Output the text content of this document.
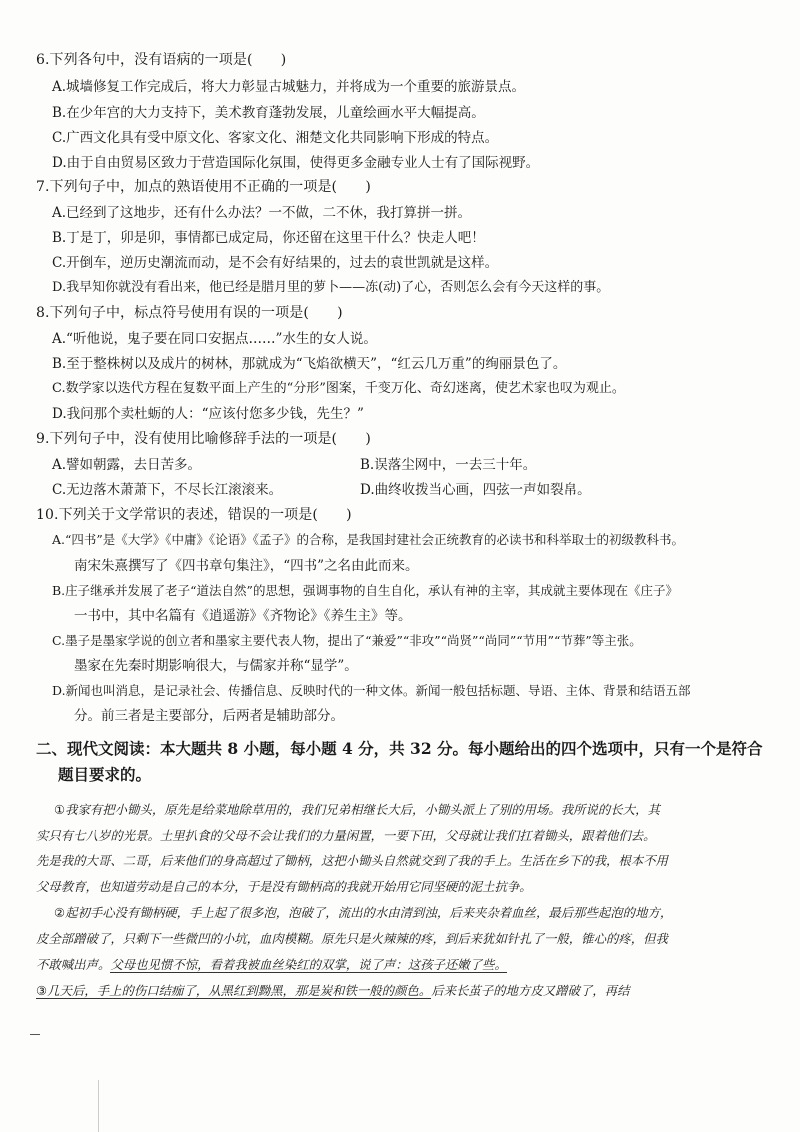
6.下列各句中，没有语病的一项是(　　)
A.城墙修复工作完成后，将大力彰显古城魅力，并将成为一个重要的旅游景点。
B.在少年宫的大力支持下，美术教育蓬勃发展，儿童绘画水平大幅提高。
C.广西文化具有受中原文化、客家文化、湘楚文化共同影响下形成的特点。
D.由于自由贸易区致力于营造国际化氛围，使得更多金融专业人士有了国际视野。
7.下列句子中，加点的熟语使用不正确的一项是(　　)
A.已经到了这地步，还有什么办法？一不做，二不休，我打算拼一拼。
B.丁是丁，卯是卯，事情都已成定局，你还留在这里干什么？快走人吧！
C.开倒车，逆历史潮流而动，是不会有好结果的，过去的袁世凯就是这样。
D.我早知你就没有看出来，他已经是腊月里的萝卜——冻(动)了心，否则怎么会有今天这样的事。
8.下列句子中，标点符号使用有误的一项是(　　)
A.“听他说，鬼子要在同口安据点……”水生的女人说。
B.至于整株树以及成片的树林，那就成为“飞焰欲横天”，“红云几万重”的绚丽景色了。
C.数学家以迭代方程在复数平面上产生的“分形”图案，千变万化、奇幻迷离，使艺术家也叹为观止。
D.我问那个卖杜蛎的人：“应该付您多少钱，先生？”
9.下列句子中，没有使用比喻修辞手法的一项是(　　)
A.譬如朝露，去日苦多。	B.误落尘网中，一去三十年。
C.无边落木萧萧下，不尽长江滚滚来。	D.曲终收拨当心画，四弦一声如裂帛。
10.下列关于文学常识的表述，错误的一项是(　　)
A.“四书”是《大学》《中庸》《论语》《孟子》的合称，是我国封建社会正统教育的必读书和科举取士的初级教科书。
南宋朱熹撰写了《四书章句集注》，“四书”之名由此而来。
B.庄子继承并发展了老子“道法自然”的思想，强调事物的自生自化，承认有神的主宰，其成就主要体现在《庄子》
一书中，其中名篇有《逍遥游》《齐物论》《养生主》等。
C.墨子是墨家学说的创立者和墨家主要代表人物，提出了“兼爱”“非攻”“尚贤”“尚同”“节用”“节葬”等主张。
墨家在先秦时期影响很大，与儒家并称“显学”。
D.新闻也叫消息，是记录社会、传播信息、反映时代的一种文体。新闻一般包括标题、导语、主体、背景和结语五部
分。前三者是主要部分，后两者是辅助部分。
二、现代文阅读：本大题共 8 小题，每小题 4 分，共 32 分。每小题给出的四个选项中，只有一个是符合
题目要求的。
①我家有把小锄头，原先是给菜地除草用的，我们兄弟相继长大后，小锄头派上了别的用场。我所说的长大，其
实只有七八岁的光景。土里扒食的父母不会让我们的力量闲置，一要下田，父母就让我们扛着锄头，跟着他们去。
先是我的大哥、二哥，后来他们的身高超过了锄柄，这把小锄头自然就交到了我的手上。生活在乡下的我，根本不用
父母教育，也知道劳动是自己的本分，于是没有锄柄高的我就开始用它同坚硬的泥土抗争。
②起初手心没有锄柄硬，手上起了很多泡，泡破了，流出的水由清到浊，后来夹杂着血丝，最后那些起泡的地方，
皮全部蹭破了，只剩下一些微凹的小坑，血肉模糊。原先只是火辣辣的疼，到后来犹如针扎了一般，锥心的疼，但我
不敢喊出声。父母也见惯不惊，看着我被血丝染红的双掌，说了声：这孩子还嫩了些。
③几天后，手上的伤口结痂了，从黑红到黝黑，那是炭和铁一般的颜色。后来长茧子的地方皮又蹭破了，再结
